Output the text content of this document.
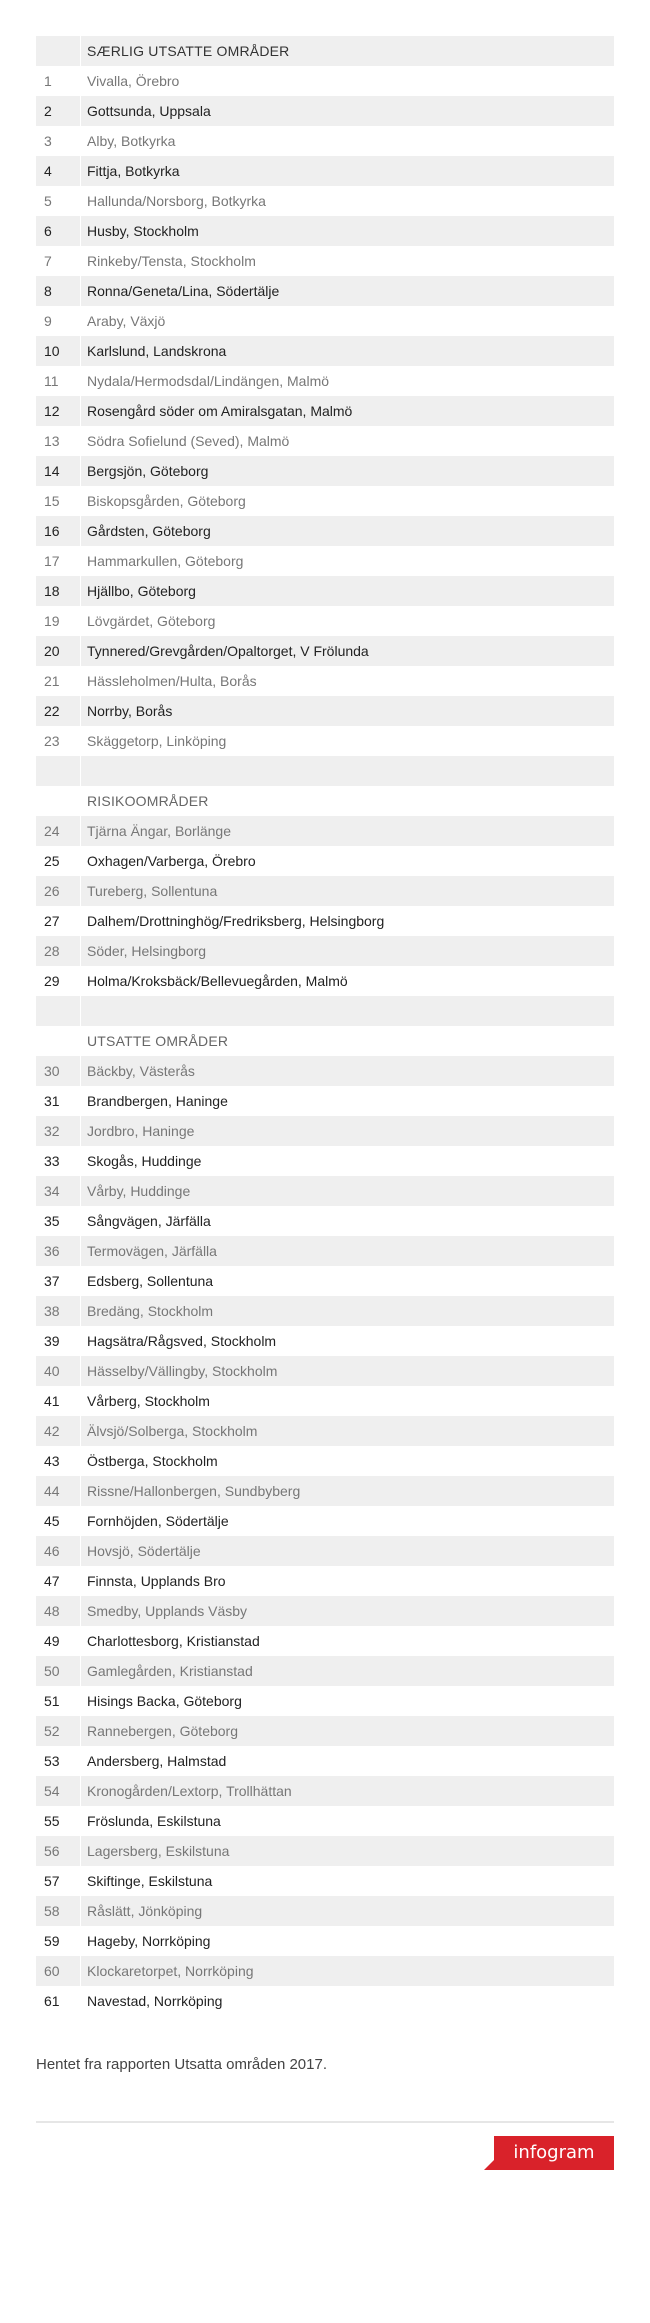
SÆRLIG UTSATTE OMRÅDER
1	Vivalla, Örebro
2	Gottsunda, Uppsala
3	Alby, Botkyrka
4	Fittja, Botkyrka
5	Hallunda/Norsborg, Botkyrka
6	Husby, Stockholm
7	Rinkeby/Tensta, Stockholm
8	Ronna/Geneta/Lina, Södertälje
9	Araby, Växjö
10	Karlslund, Landskrona
11	Nydala/Hermodsdal/Lindängen, Malmö
12	Rosengård söder om Amiralsgatan, Malmö
13	Södra Sofielund (Seved), Malmö
14	Bergsjön, Göteborg
15	Biskopsgården, Göteborg
16	Gårdsten, Göteborg
17	Hammarkullen, Göteborg
18	Hjällbo, Göteborg
19	Lövgärdet, Göteborg
20	Tynnered/Grevgården/Opaltorget, V Frölunda
21	Hässleholmen/Hulta, Borås
22	Norrby, Borås
23	Skäggetorp, Linköping
RISIKOOMRÅDER
24	Tjärna Ängar, Borlänge
25	Oxhagen/Varberga, Örebro
26	Tureberg, Sollentuna
27	Dalhem/Drottninghög/Fredriksberg, Helsingborg
28	Söder, Helsingborg
29	Holma/Kroksbäck/Bellevuegården, Malmö
UTSATTE OMRÅDER
30	Bäckby, Västerås
31	Brandbergen, Haninge
32	Jordbro, Haninge
33	Skogås, Huddinge
34	Vårby, Huddinge
35	Sångvägen, Järfälla
36	Termovägen, Järfälla
37	Edsberg, Sollentuna
38	Bredäng, Stockholm
39	Hagsätra/Rågsved, Stockholm
40	Hässelby/Vällingby, Stockholm
41	Vårberg, Stockholm
42	Älvsjö/Solberga, Stockholm
43	Östberga, Stockholm
44	Rissne/Hallonbergen, Sundbyberg
45	Fornhöjden, Södertälje
46	Hovsjö, Södertälje
47	Finnsta, Upplands Bro
48	Smedby, Upplands Väsby
49	Charlottesborg, Kristianstad
50	Gamlegården, Kristianstad
51	Hisings Backa, Göteborg
52	Rannebergen, Göteborg
53	Andersberg, Halmstad
54	Kronogården/Lextorp, Trollhättan
55	Fröslunda, Eskilstuna
56	Lagersberg, Eskilstuna
57	Skiftinge, Eskilstuna
58	Råslätt, Jönköping
59	Hageby, Norrköping
60	Klockaretorpet, Norrköping
61	Navestad, Norrköping
Hentet fra rapporten Utsatta områden 2017.
infogram
